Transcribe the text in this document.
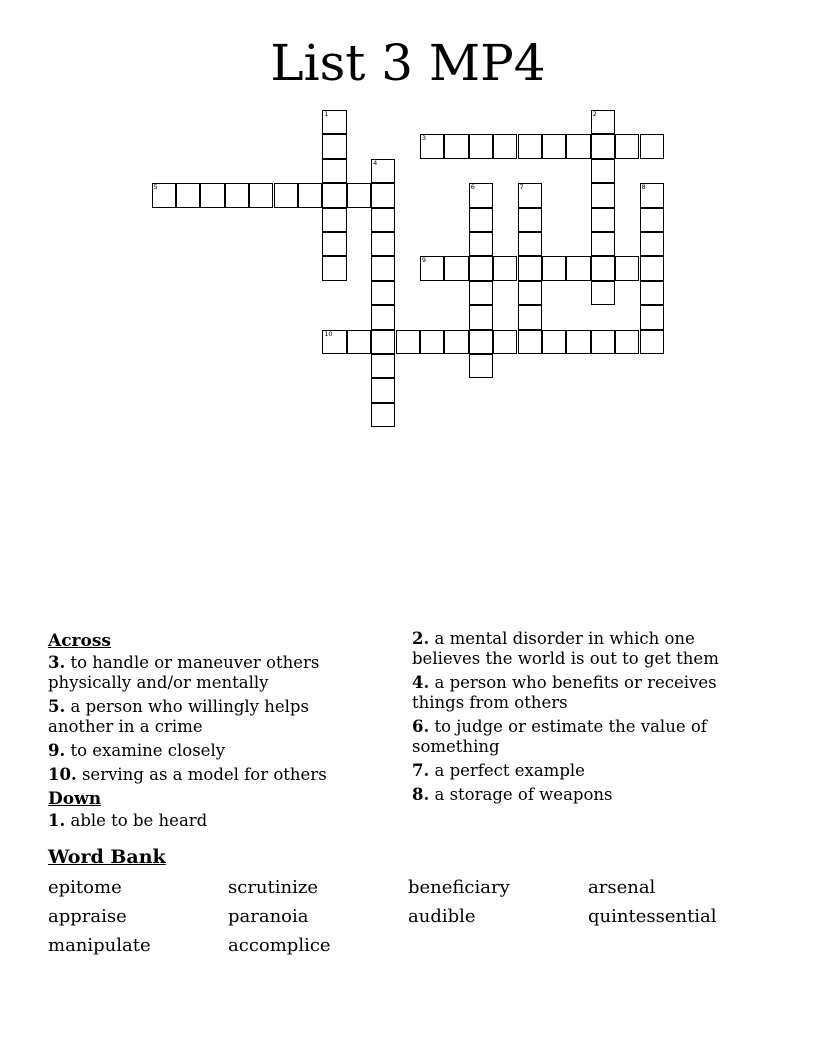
List 3 MP4
1	2
3
4
5	6	7	8
9
10
Across
3. to handle or maneuver others physically and/or mentally
5. a person who willingly helps another in a crime
9. to examine closely
10. serving as a model for others
Down
1. able to be heard
2. a mental disorder in which one believes the world is out to get them
4. a person who benefits or receives things from others
6. to judge or estimate the value of something
7. a perfect example
8. a storage of weapons
Word Bank
epitome	scrutinize	beneficiary	arsenal
appraise	paranoia	audible	quintessential
manipulate	accomplice
